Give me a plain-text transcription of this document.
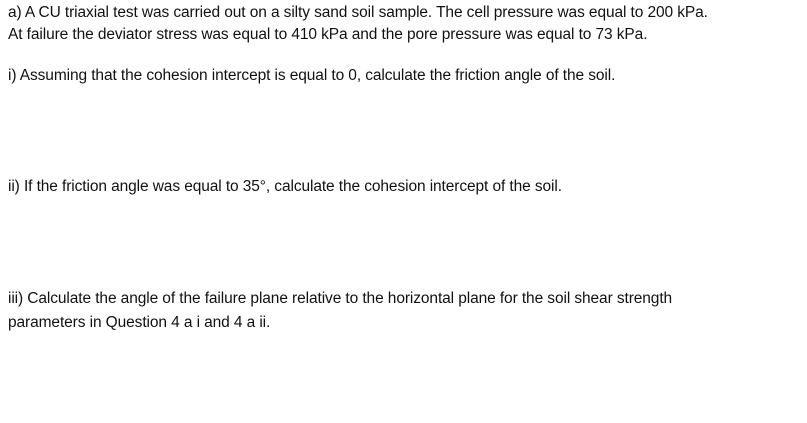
a) A CU triaxial test was carried out on a silty sand soil sample. The cell pressure was equal to 200 kPa.
At failure the deviator stress was equal to 410 kPa and the pore pressure was equal to 73 kPa.
i) Assuming that the cohesion intercept is equal to 0, calculate the friction angle of the soil.
ii) If the friction angle was equal to 35°, calculate the cohesion intercept of the soil.
iii) Calculate the angle of the failure plane relative to the horizontal plane for the soil shear strength
parameters in Question 4 a i and 4 a ii.
